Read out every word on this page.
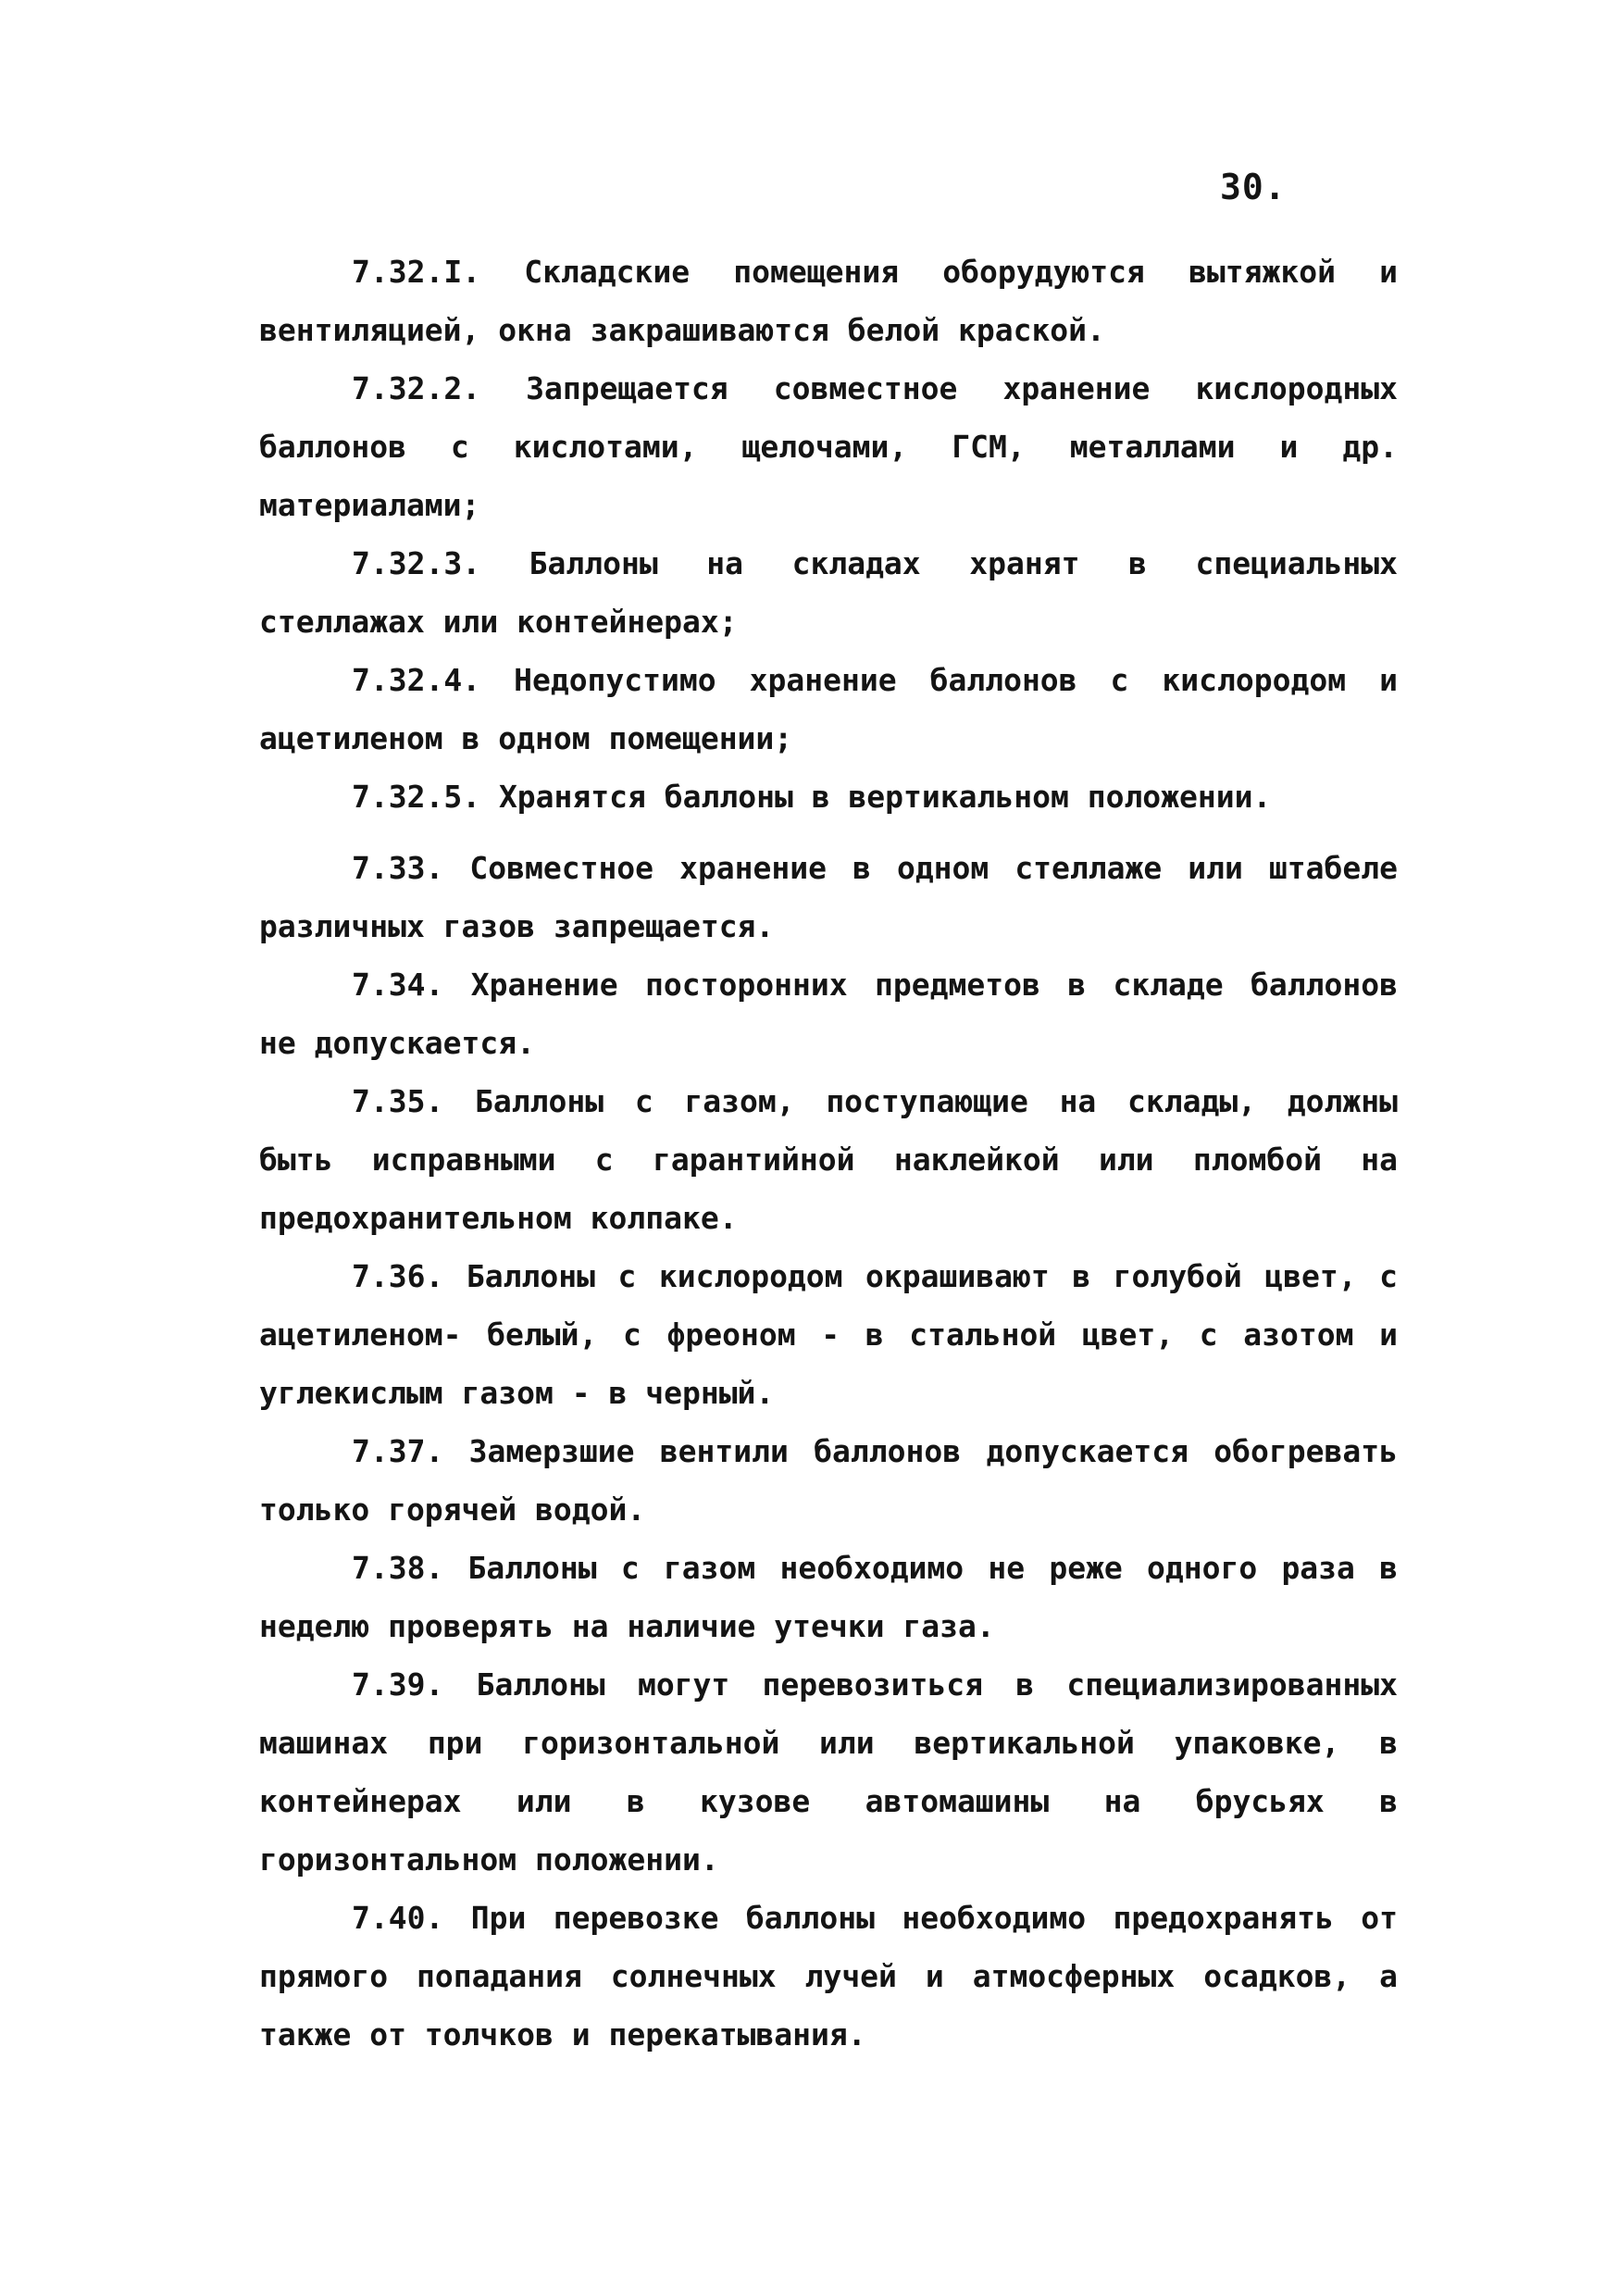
30.

7.32.I. Складские помещения оборудуются вытяжкой и вентиляцией, окна закрашиваются белой краской.

7.32.2. Запрещается совместное хранение кислородных баллонов с кислотами, щелочами, ГСМ, металлами и др. материалами;

7.32.3. Баллоны на складах хранят в специальных стеллажах или контейнерах;

7.32.4. Недопустимо хранение баллонов с кислородом и ацетиленом в одном помещении;

7.32.5. Хранятся баллоны в вертикальном положении.

7.33. Совместное хранение в одном стеллаже или штабеле различных газов запрещается.

7.34. Хранение посторонних предметов в складе баллонов не допускается.

7.35. Баллоны с газом, поступающие на склады, должны быть исправными с гарантийной наклейкой или пломбой на предохранительном колпаке.

7.36. Баллоны с кислородом окрашивают в голубой цвет, с ацетиленом- белый, с фреоном - в стальной цвет, с азотом и углекислым газом - в черный.

7.37. Замерзшие вентили баллонов допускается обогревать только горячей водой.

7.38. Баллоны с газом необходимо не реже одного раза в неделю проверять на наличие утечки газа.

7.39. Баллоны могут перевозиться в специализированных машинах при горизонтальной или вертикальной упаковке, в контейнерах или в кузове автомашины на брусьях в горизонтальном положении.

7.40. При перевозке баллоны необходимо предохранять от прямого попадания солнечных лучей и атмосферных осадков, а также от толчков и перекатывания.
